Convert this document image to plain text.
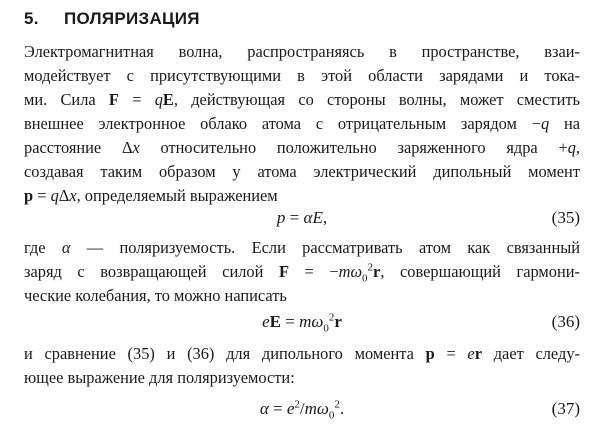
5. ПОЛЯРИЗАЦИЯ
Электромагнитная волна, распространяясь в пространстве, взаи-
модействует с присутствующими в этой области зарядами и тока-
ми. Сила F = qE, действующая со стороны волны, может сместить
внешнее электронное облако атома с отрицательным зарядом −q на
расстояние Δx относительно положительно заряженного ядра +q,
создавая таким образом у атома электрический дипольный момент
p = qΔx, определяемый выражением
p = αE,	(35)
где α — поляризуемость. Если рассматривать атом как связанный
заряд с возвращающей силой $F = -m\omega_0^2r$, совершающий гармони-
ческие колебания, то можно написать
eE = $m\omega_0^2r$	(36)
и сравнение (35) и (36) для дипольного момента p = er дает следу-
ющее выражение для поляризуемости:
$\alpha = e^2/m\omega_0^2$.	(37)
